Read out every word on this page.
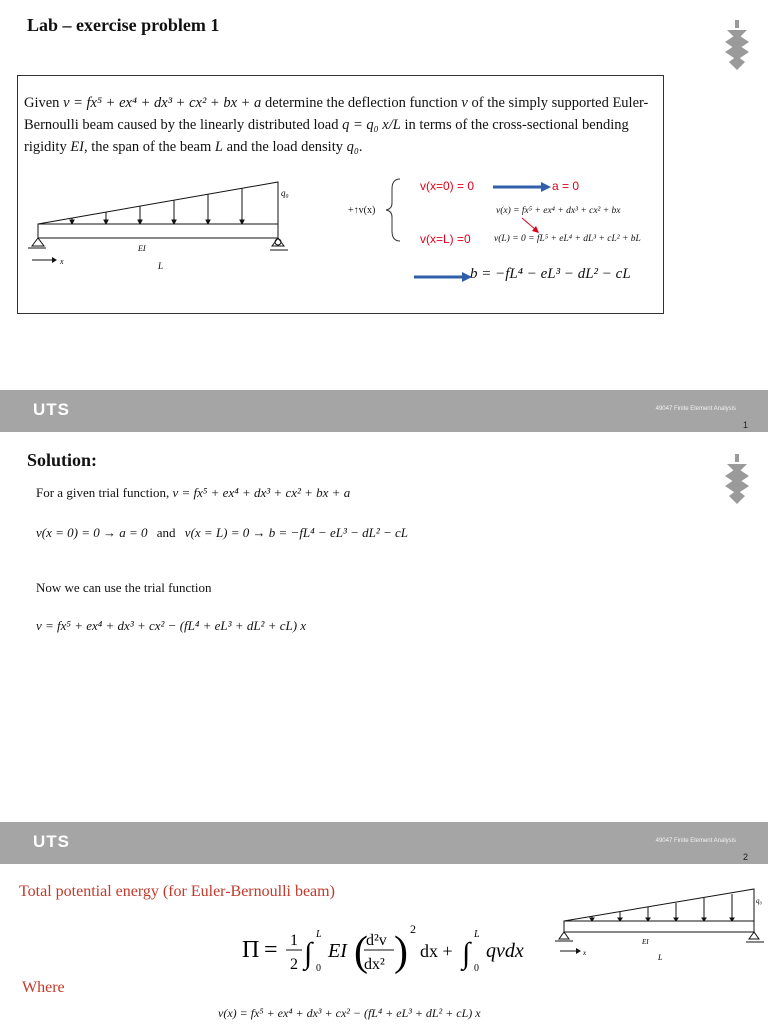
Lab – exercise problem 1
Given v = fx⁵ + ex⁴ + dx³ + cx² + bx + a determine the deflection function v of the simply supported Euler-Bernoulli beam caused by the linearly distributed load q = q₀ x/L in terms of the cross-sectional bending rigidity EI, the span of the beam L and the load density q₀.
x
EI
L
q₀
+↑v(x)
v(x=0) = 0	a = 0
v(x) = fx⁵ + ex⁴ + dx³ + cx² + bx
v(x=L) =0 v(L) = 0 = fL⁵ + eL⁴ + dL³ + cL² + bL
b = −fL⁴ − eL³ − dL² − cL
UTS	49047 Finite Element Analysis
1
Solution:
For a given trial function, v = fx⁵ + ex⁴ + dx³ + cx² + bx + a
v(x = 0) = 0 → a = 0 and v(x = L) = 0 → b = −fL⁴ − eL³ − dL² − cL
Now we can use the trial function
v = fx⁵ + ex⁴ + dx³ + cx² − (fL⁴ + eL³ + dL² + cL) x
UTS	49047 Finite Element Analysis
2
Total potential energy (for Euler-Bernoulli beam)
Π = 1
2 ∫
L
0
EI (
d²v
dx² ) 2
dx + ∫
L
0
qvdx
Where
v(x) = fx⁵ + ex⁴ + dx³ + cx² − (fL⁴ + eL³ + dL² + cL) x
x
EI
L
q₀
